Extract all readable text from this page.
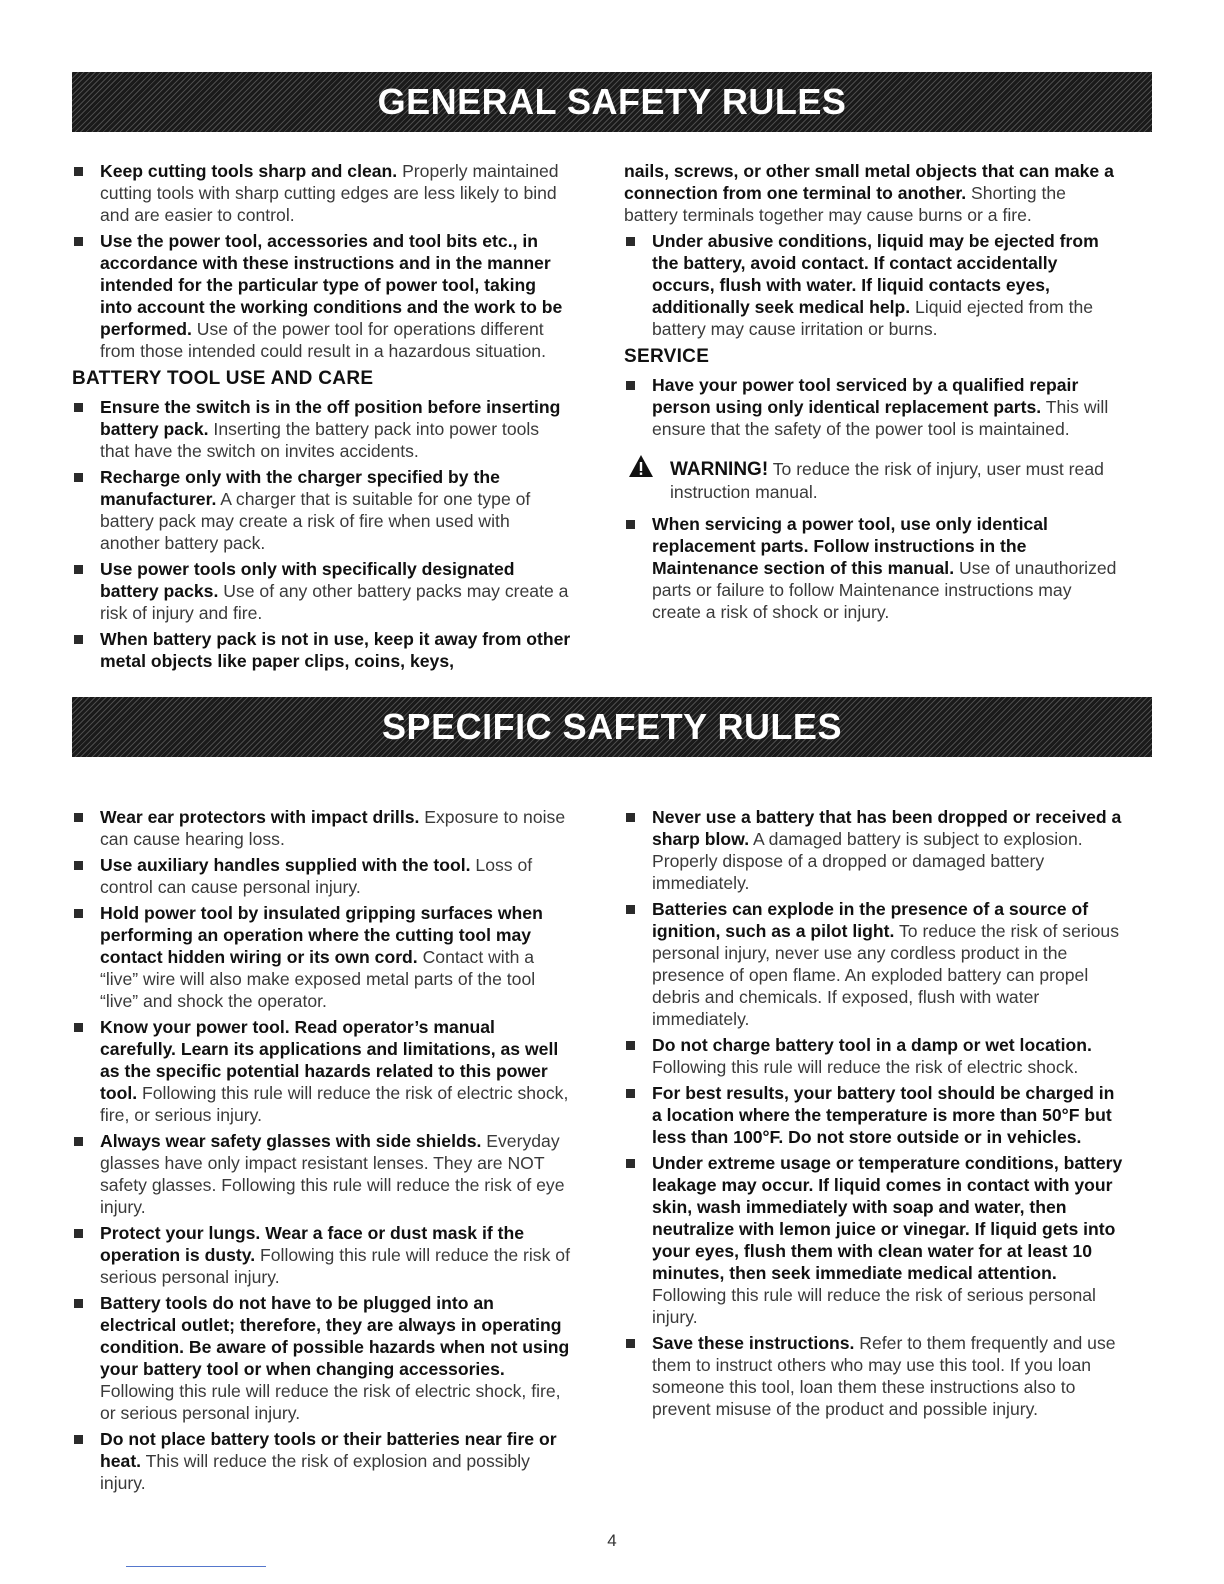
GENERAL SAFETY RULES
Keep cutting tools sharp and clean. Properly maintained cutting tools with sharp cutting edges are less likely to bind and are easier to control.
Use the power tool, accessories and tool bits etc., in accordance with these instructions and in the manner intended for the particular type of power tool, taking into account the working conditions and the work to be performed. Use of the power tool for operations different from those intended could result in a hazardous situation.
BATTERY TOOL USE AND CARE
Ensure the switch is in the off position before inserting battery pack. Inserting the battery pack into power tools that have the switch on invites accidents.
Recharge only with the charger specified by the manufacturer. A charger that is suitable for one type of battery pack may create a risk of fire when used with another battery pack.
Use power tools only with specifically designated battery packs. Use of any other battery packs may create a risk of injury and fire.
When battery pack is not in use, keep it away from other metal objects like paper clips, coins, keys,
nails, screws, or other small metal objects that can make a connection from one terminal to another. Shorting the battery terminals together may cause burns or a fire.
Under abusive conditions, liquid may be ejected from the battery, avoid contact. If contact accidentally occurs, flush with water. If liquid contacts eyes, additionally seek medical help. Liquid ejected from the battery may cause irritation or burns.
SERVICE
Have your power tool serviced by a qualified repair person using only identical replacement parts. This will ensure that the safety of the power tool is maintained.
WARNING! To reduce the risk of injury, user must read instruction manual.
When servicing a power tool, use only identical replacement parts. Follow instructions in the Maintenance section of this manual. Use of unauthorized parts or failure to follow Maintenance instructions may create a risk of shock or injury.
SPECIFIC SAFETY RULES
Wear ear protectors with impact drills. Exposure to noise can cause hearing loss.
Use auxiliary handles supplied with the tool. Loss of control can cause personal injury.
Hold power tool by insulated gripping surfaces when performing an operation where the cutting tool may contact hidden wiring or its own cord. Contact with a “live” wire will also make exposed metal parts of the tool “live” and shock the operator.
Know your power tool. Read operator’s manual carefully. Learn its applications and limitations, as well as the specific potential hazards related to this power tool. Following this rule will reduce the risk of electric shock, fire, or serious injury.
Always wear safety glasses with side shields. Everyday glasses have only impact resistant lenses. They are NOT safety glasses. Following this rule will reduce the risk of eye injury.
Protect your lungs. Wear a face or dust mask if the operation is dusty. Following this rule will reduce the risk of serious personal injury.
Battery tools do not have to be plugged into an electrical outlet; therefore, they are always in operating condition. Be aware of possible hazards when not using your battery tool or when changing accessories. Following this rule will reduce the risk of electric shock, fire, or serious personal injury.
Do not place battery tools or their batteries near fire or heat. This will reduce the risk of explosion and possibly injury.
Never use a battery that has been dropped or received a sharp blow. A damaged battery is subject to explosion. Properly dispose of a dropped or damaged battery immediately.
Batteries can explode in the presence of a source of ignition, such as a pilot light. To reduce the risk of serious personal injury, never use any cordless product in the presence of open flame. An exploded battery can propel debris and chemicals. If exposed, flush with water immediately.
Do not charge battery tool in a damp or wet location. Following this rule will reduce the risk of electric shock.
For best results, your battery tool should be charged in a location where the temperature is more than 50°F but less than 100°F. Do not store outside or in vehicles.
Under extreme usage or temperature conditions, battery leakage may occur. If liquid comes in contact with your skin, wash immediately with soap and water, then neutralize with lemon juice or vinegar. If liquid gets into your eyes, flush them with clean water for at least 10 minutes, then seek immediate medical attention. Following this rule will reduce the risk of serious personal injury.
Save these instructions. Refer to them frequently and use them to instruct others who may use this tool. If you loan someone this tool, loan them these instructions also to prevent misuse of the product and possible injury.
4
